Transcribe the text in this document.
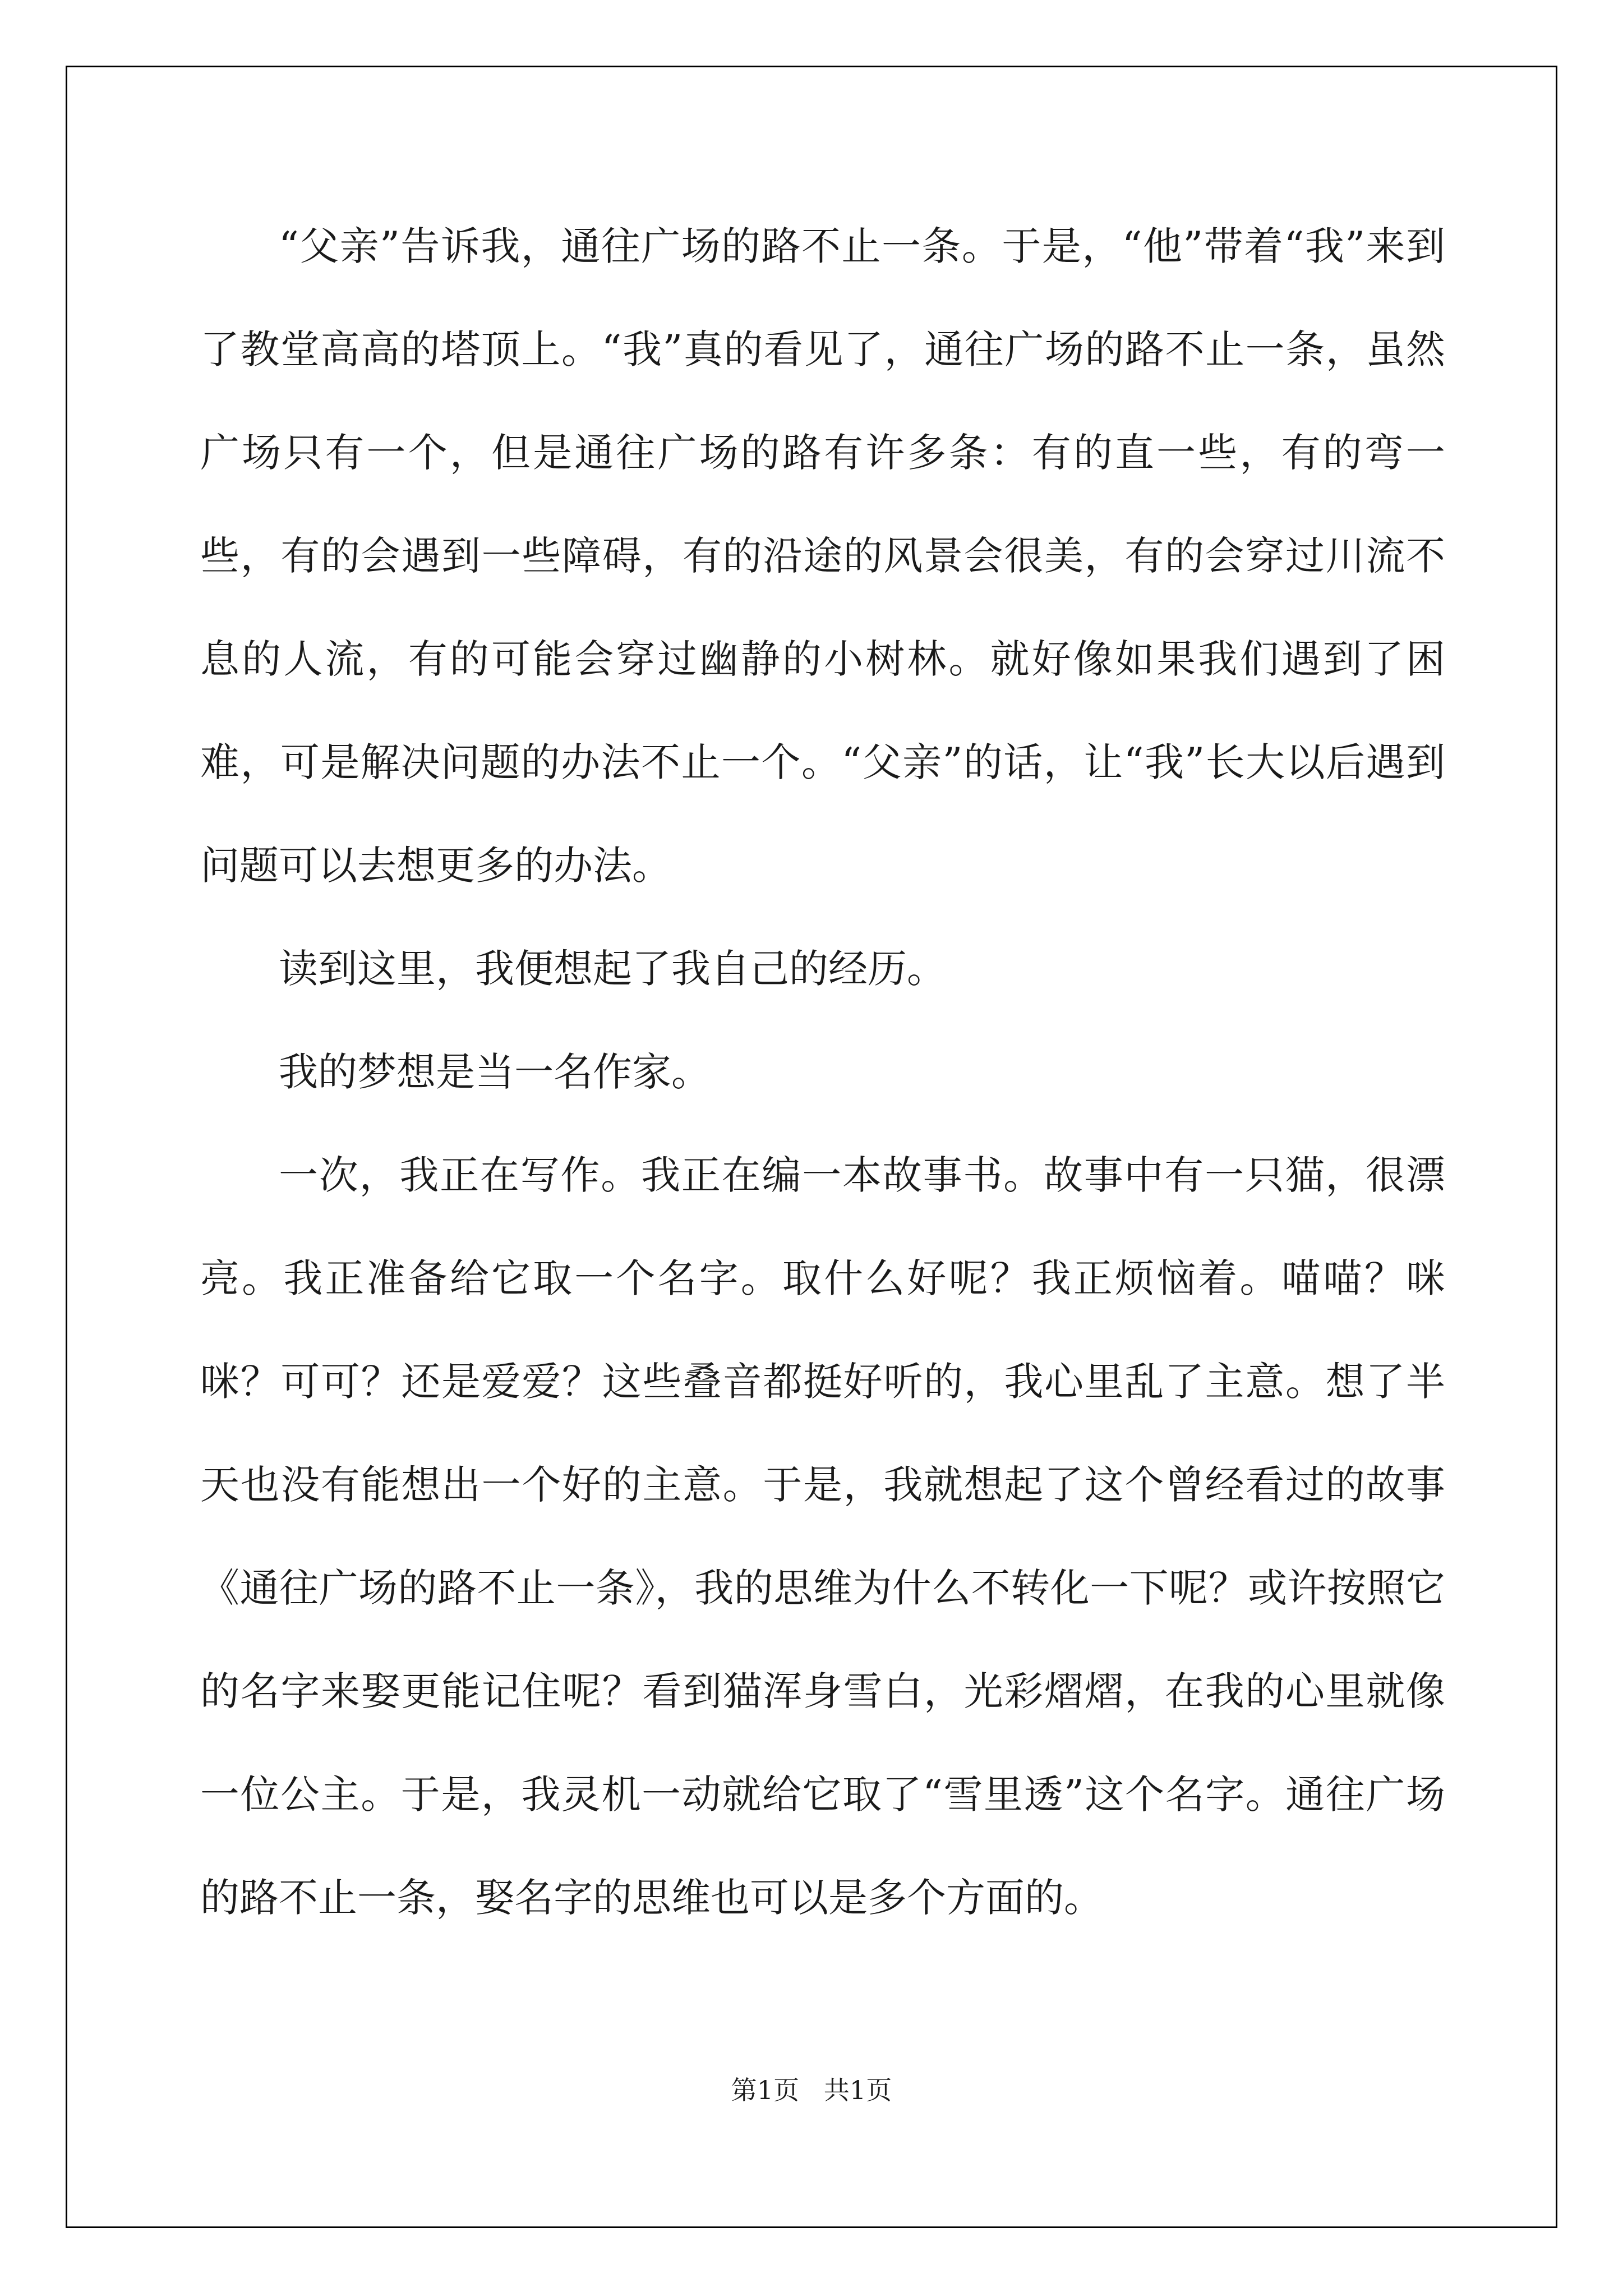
“父亲”告诉我，通往广场的路不止一条。于是，“他”带着“我”来到了教堂高高的塔顶上。“我”真的看见了，通往广场的路不止一条，虽然广场只有一个，但是通往广场的路有许多条：有的直一些，有的弯一些，有的会遇到一些障碍，有的沿途的风景会很美，有的会穿过川流不息的人流，有的可能会穿过幽静的小树林。就好像如果我们遇到了困难，可是解决问题的办法不止一个。“父亲”的话，让“我”长大以后遇到问题可以去想更多的办法。

读到这里，我便想起了我自己的经历。

我的梦想是当一名作家。

一次，我正在写作。我正在编一本故事书。故事中有一只猫，很漂亮。我正准备给它取一个名字。取什么好呢？我正烦恼着。喵喵？咪咪？可可？还是爱爱？这些叠音都挺好听的，我心里乱了主意。想了半天也没有能想出一个好的主意。于是，我就想起了这个曾经看过的故事《通往广场的路不止一条》，我的思维为什么不转化一下呢？或许按照它的名字来娶更能记住呢？看到猫浑身雪白，光彩熠熠，在我的心里就像一位公主。于是，我灵机一动就给它取了“雪里透”这个名字。通往广场的路不止一条，娶名字的思维也可以是多个方面的。

第1页   共1页
